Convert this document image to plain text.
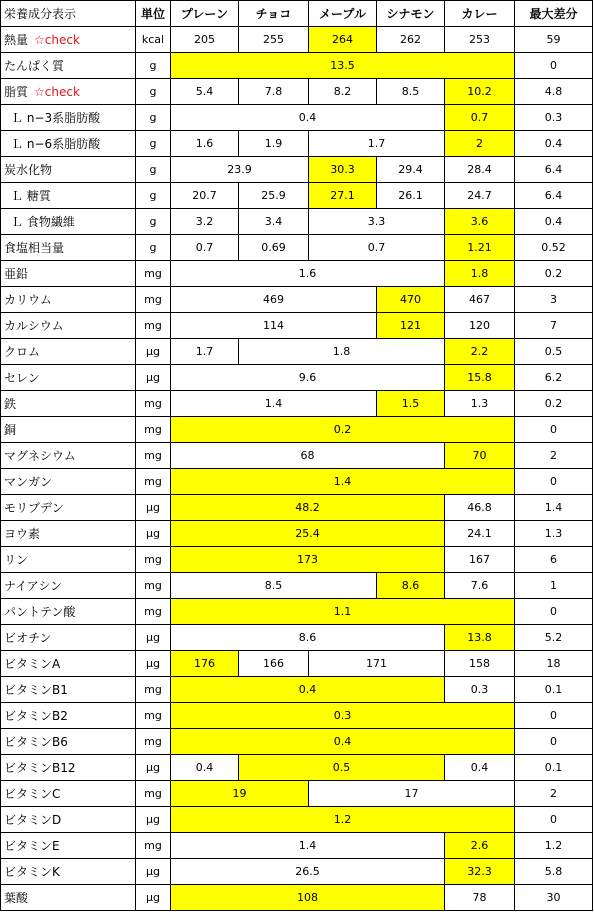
栄養成分表示	単位	プレーン	チョコ	メープル	シナモン	カレー	最大差分
熱量 ☆check	kcal	205	255	264	262	253	59
たんぱく質	g	13.5					0
脂質 ☆check	g	5.4	7.8	8.2	8.5	10.2	4.8
Ｌ n−3系脂肪酸	g	0.4				0.7	0.3
Ｌ n−6系脂肪酸	g	1.6	1.9	1.7		2	0.4
炭水化物	g	23.9		30.3	29.4	28.4	6.4
Ｌ 糖質	g	20.7	25.9	27.1	26.1	24.7	6.4
Ｌ 食物繊維	g	3.2	3.4	3.3		3.6	0.4
食塩相当量	g	0.7	0.69	0.7		1.21	0.52
亜鉛	mg	1.6				1.8	0.2
カリウム	mg	469			470	467	3
カルシウム	mg	114			121	120	7
クロム	μg	1.7	1.8			2.2	0.5
セレン	μg	9.6				15.8	6.2
鉄	mg	1.4			1.5	1.3	0.2
銅	mg	0.2					0
マグネシウム	mg	68				70	2
マンガン	mg	1.4					0
モリブデン	μg	48.2				46.8	1.4
ヨウ素	μg	25.4				24.1	1.3
リン	mg	173				167	6
ナイアシン	mg	8.5			8.6	7.6	1
パントテン酸	mg	1.1					0
ビオチン	μg	8.6				13.8	5.2
ビタミンA	μg	176	166	171		158	18
ビタミンB1	mg	0.4				0.3	0.1
ビタミンB2	mg	0.3					0
ビタミンB6	mg	0.4					0
ビタミンB12	μg	0.4	0.5			0.4	0.1
ビタミンC	mg	19		17			2
ビタミンD	μg	1.2					0
ビタミンE	mg	1.4				2.6	1.2
ビタミンK	μg	26.5				32.3	5.8
葉酸	μg	108				78	30
